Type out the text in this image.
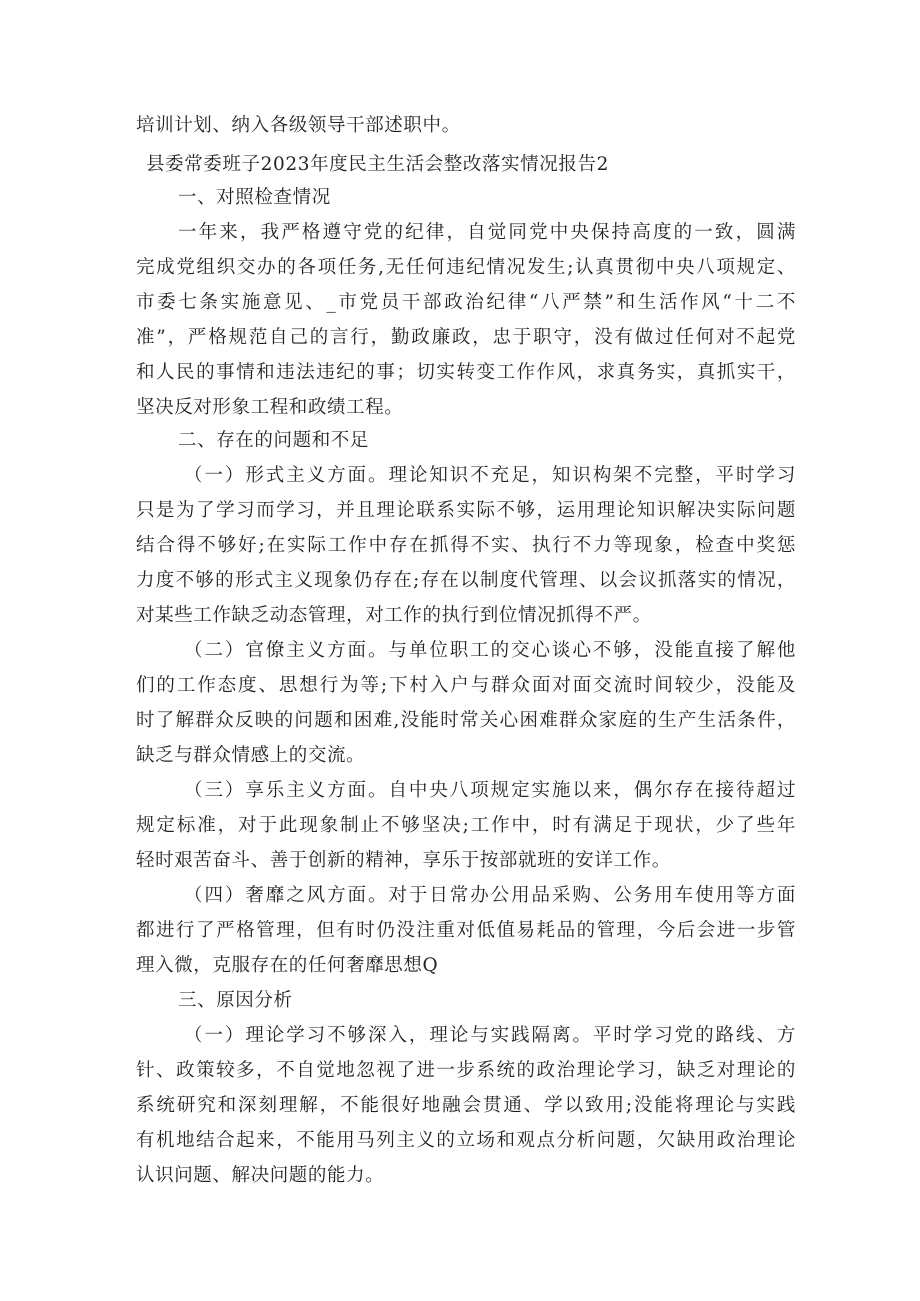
培训计划、纳入各级领导干部述职中。
县委常委班子2023年度民主生活会整改落实情况报告2
一、对照检查情况
一年来，我严格遵守党的纪律，自觉同党中央保持高度的一致，圆满
完成党组织交办的各项任务,无任何违纪情况发生;认真贯彻中央八项规定、
市委七条实施意见、_市党员干部政治纪律“八严禁”和生活作风“十二不
准”，严格规范自己的言行，勤政廉政，忠于职守，没有做过任何对不起党
和人民的事情和违法违纪的事；切实转变工作作风，求真务实，真抓实干，
坚决反对形象工程和政绩工程。
二、存在的问题和不足
（一）形式主义方面。理论知识不充足，知识构架不完整，平时学习
只是为了学习而学习，并且理论联系实际不够，运用理论知识解决实际问题
结合得不够好;在实际工作中存在抓得不实、执行不力等现象，检查中奖惩
力度不够的形式主义现象仍存在;存在以制度代管理、以会议抓落实的情况，
对某些工作缺乏动态管理，对工作的执行到位情况抓得不严。
（二）官僚主义方面。与单位职工的交心谈心不够，没能直接了解他
们的工作态度、思想行为等;下村入户与群众面对面交流时间较少，没能及
时了解群众反映的问题和困难,没能时常关心困难群众家庭的生产生活条件，
缺乏与群众情感上的交流。
（三）享乐主义方面。自中央八项规定实施以来，偶尔存在接待超过
规定标准，对于此现象制止不够坚决;工作中，时有满足于现状，少了些年
轻时艰苦奋斗、善于创新的精神，享乐于按部就班的安详工作。
（四）奢靡之风方面。对于日常办公用品采购、公务用车使用等方面
都进行了严格管理，但有时仍没注重对低值易耗品的管理，今后会进一步管
理入微，克服存在的任何奢靡思想Q
三、原因分析
（一）理论学习不够深入，理论与实践隔离。平时学习党的路线、方
针、政策较多，不自觉地忽视了进一步系统的政治理论学习，缺乏对理论的
系统研究和深刻理解，不能很好地融会贯通、学以致用;没能将理论与实践
有机地结合起来，不能用马列主义的立场和观点分析问题，欠缺用政治理论
认识问题、解决问题的能力。
